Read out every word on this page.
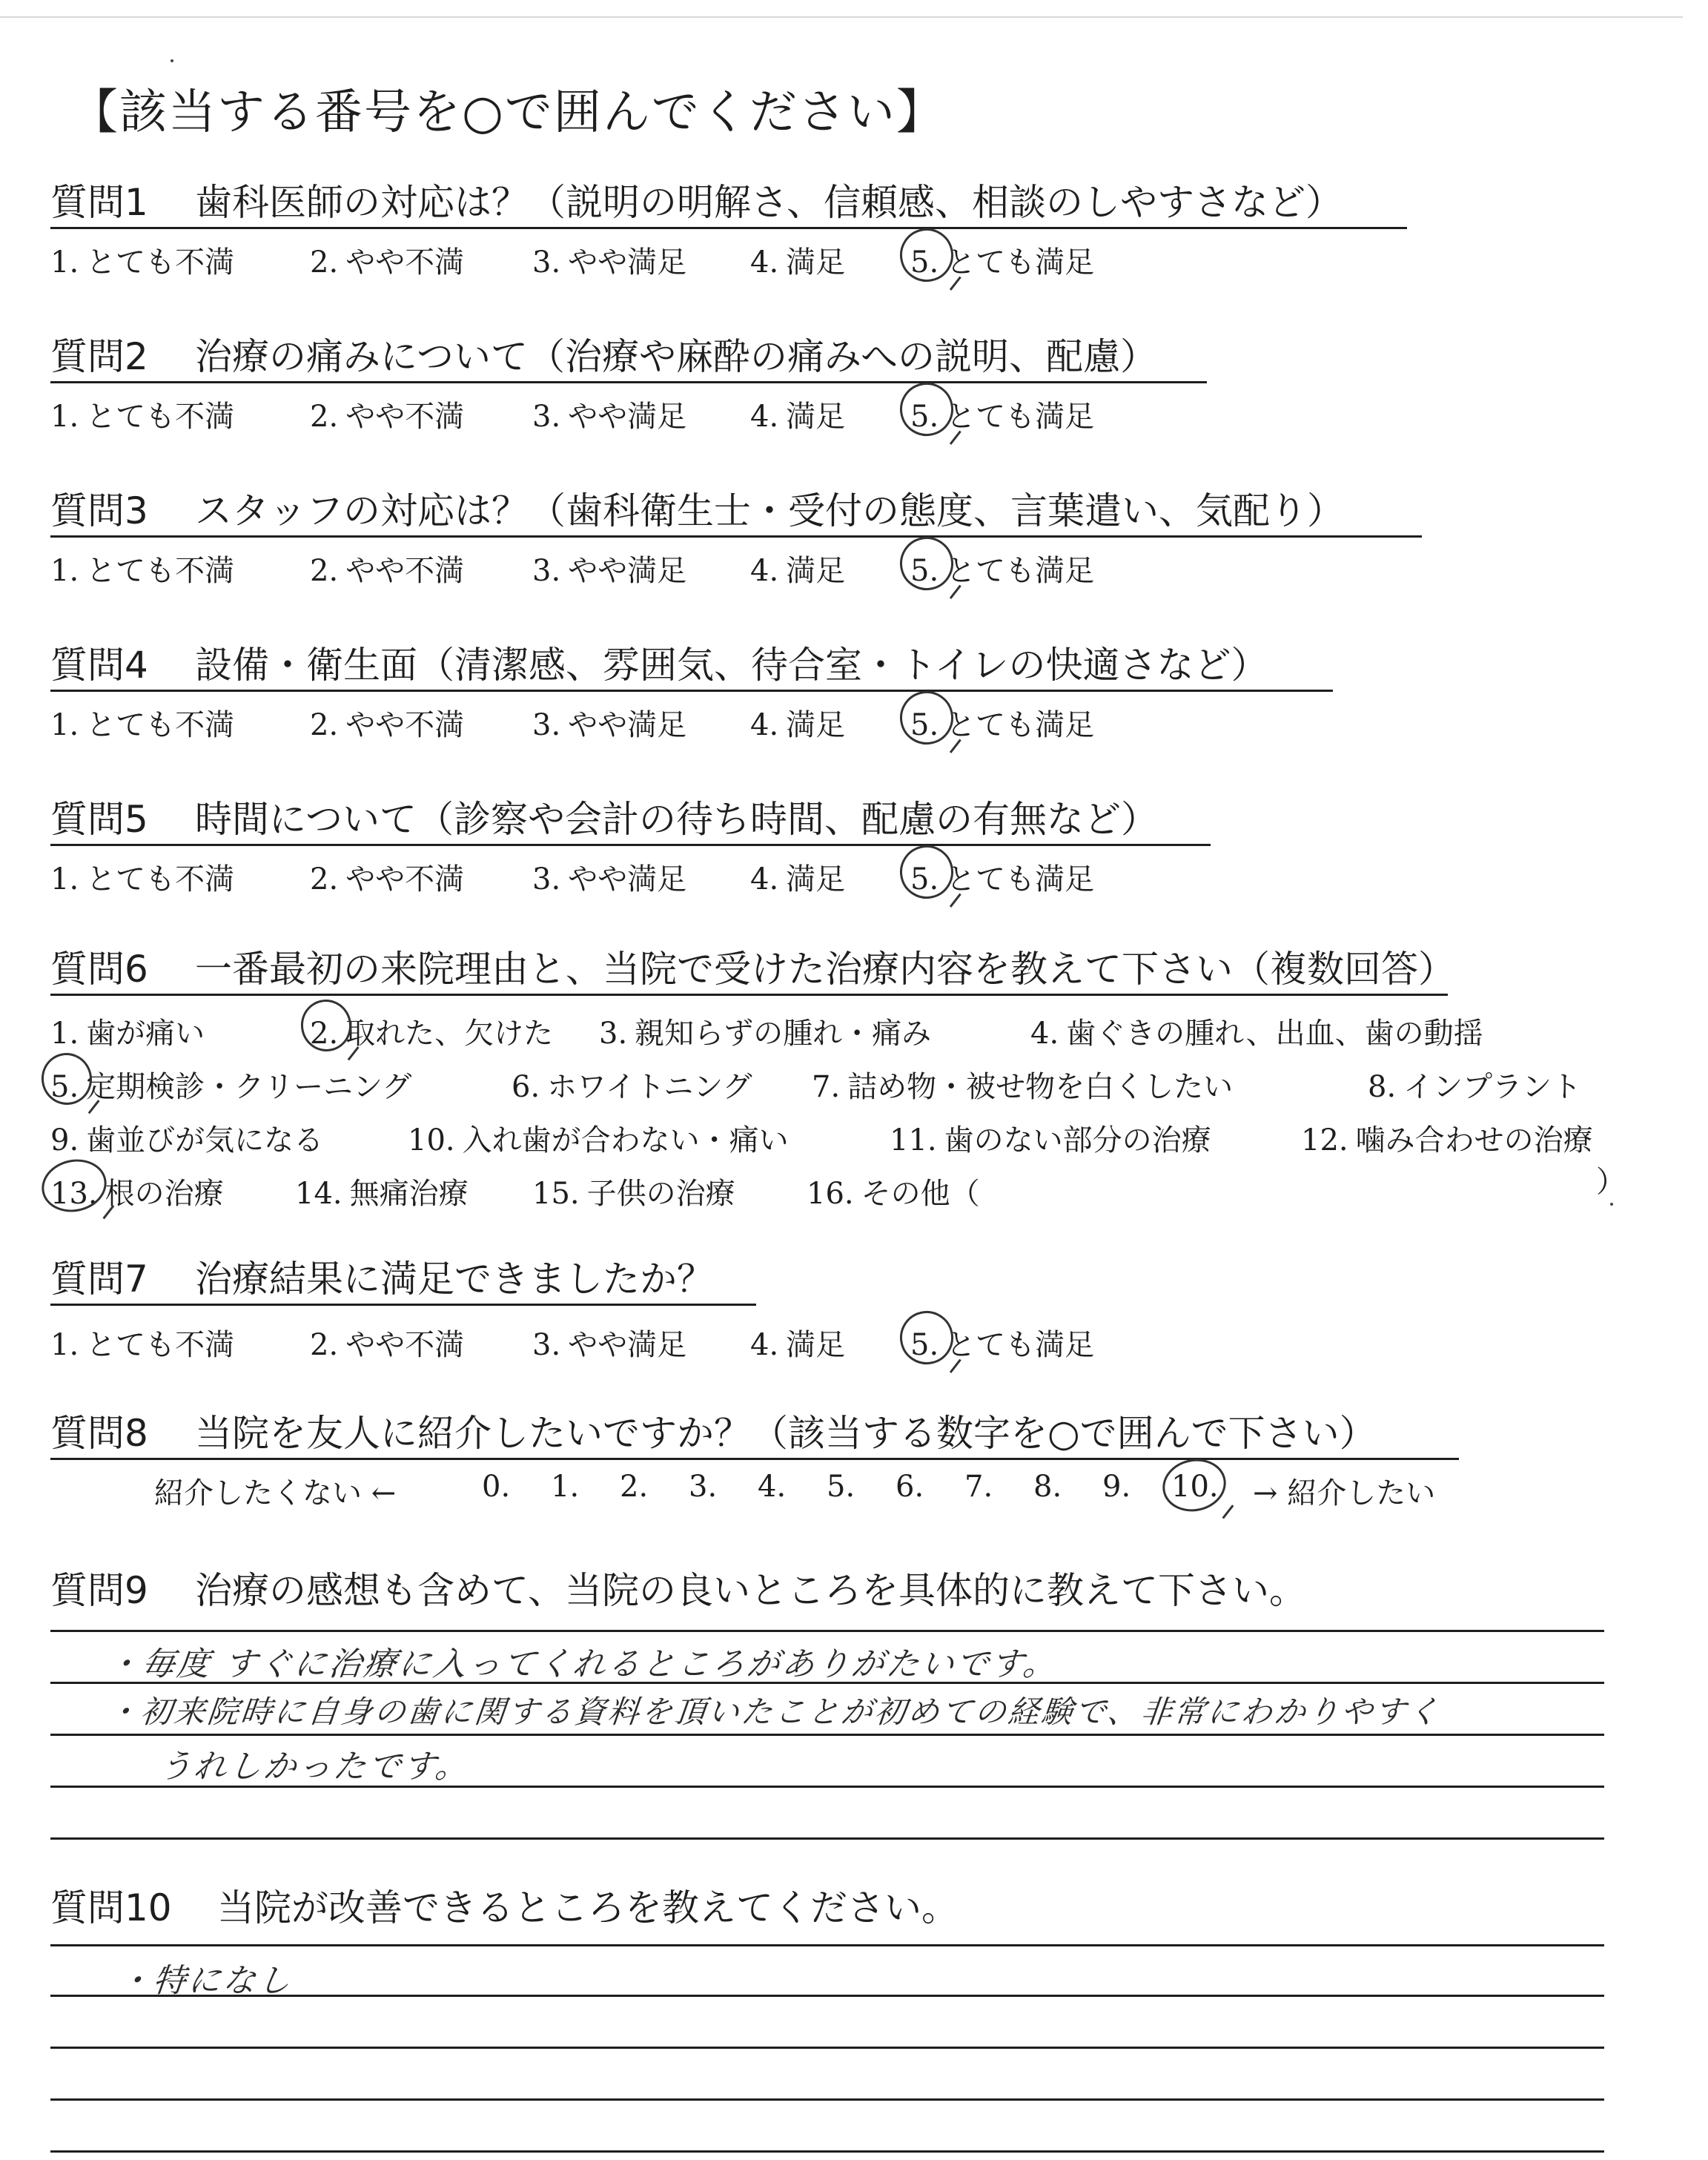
【該当する番号を○で囲んでください】
質問1 歯科医師の対応は？（説明の明解さ、信頼感、相談のしやすさなど）
1. とても不満	2. やや不満 3. やや満足 4. 満足 5. とても満足
質問2 治療の痛みについて（治療や麻酔の痛みへの説明、配慮）
1. とても不満	2. やや不満 3. やや満足 4. 満足 5. とても満足
質問3 スタッフの対応は？（歯科衛生士・受付の態度、言葉遣い、気配り）
1. とても不満	2. やや不満 3. やや満足 4. 満足 5. とても満足
質問4 設備・衛生面（清潔感、雰囲気、待合室・トイレの快適さなど）
1. とても不満	2. やや不満 3. やや満足 4. 満足 5. とても満足
質問5 時間について（診察や会計の待ち時間、配慮の有無など）
1. とても不満	2. やや不満 3. やや満足 4. 満足 5. とても満足
質問6 一番最初の来院理由と、当院で受けた治療内容を教えて下さい（複数回答）
1. 歯が痛い	2. 取れた、欠けた 3. 親知らずの腫れ・痛み	4. 歯ぐきの腫れ、出血、歯の動揺
5. 定期検診・クリーニング	6. ホワイトニング 7. 詰め物・被せ物を白くしたい	8. インプラント
9. 歯並びが気になる	10. 入れ歯が合わない・痛い	11. 歯のない部分の治療	12. 噛み合わせの治療
13. 根の治療 14. 無痛治療 15. 子供の治療 16. その他（	）
質問7 治療結果に満足できましたか？
1. とても不満	2. やや不満 3. やや満足 4. 満足 5. とても満足
質問8 当院を友人に紹介したいですか？（該当する数字を○で囲んで下さい）
紹介したくない ←	0. 1. 2. 3. 4. 5. 6. 7. 8. 9. 10. → 紹介したい
質問9 治療の感想も含めて、当院の良いところを具体的に教えて下さい。
・毎度 すぐに治療に入ってくれるところがありがたいです。
・初来院時に自身の歯に関する資料を頂いたことが初めての経験で、非常にわかりやすく
うれしかったです。
質問10 当院が改善できるところを教えてください。
・特になし
